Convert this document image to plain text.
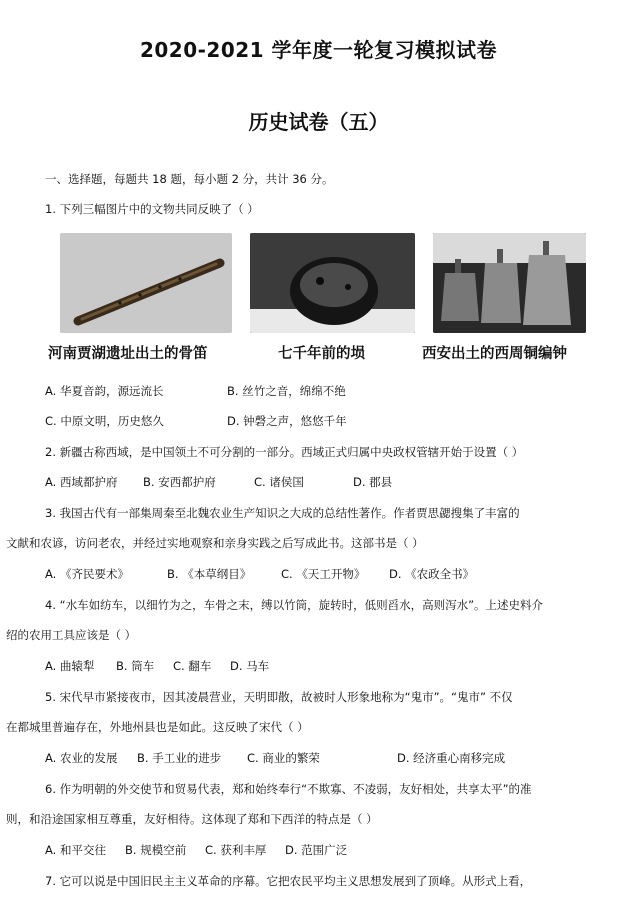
2020-2021 学年度一轮复习模拟试卷
历史试卷（五）
一、选择题，每题共 18 题，每小题 2 分，共计 36 分。
1. 下列三幅图片中的文物共同反映了（ ）
河南贾湖遗址出土的骨笛	七千年前的埙	西安出土的西周铜编钟
A. 华夏音韵，源远流长	B. 丝竹之音，绵绵不绝
C. 中原文明，历史悠久	D. 钟磬之声，悠悠千年
2. 新疆古称西域，是中国领土不可分割的一部分。西域正式归属中央政权管辖开始于设置（ ）
A. 西域都护府 B. 安西都护府	C. 诸侯国	D. 郡县
3. 我国古代有一部集周秦至北魏农业生产知识之大成的总结性著作。作者贾思勰搜集了丰富的
文献和农谚，访问老农，并经过实地观察和亲身实践之后写成此书。这部书是（ ）
A. 《齐民要术》	B. 《本草纲目》	C. 《天工开物》 D. 《农政全书》
4. “水车如纺车，以细竹为之，车骨之末，缚以竹筒，旋转时，低则舀水，高则泻水”。上述史料介
绍的农用工具应该是（ ）
A. 曲辕犁 B. 筒车 C. 翻车 D. 马车
5. 宋代早市紧接夜市，因其凌晨营业，天明即散，故被时人形象地称为“鬼市”。“鬼市” 不仅
在都城里普遍存在，外地州县也是如此。这反映了宋代（ ）
A. 农业的发展 B. 手工业的进步 C. 商业的繁荣	D. 经济重心南移完成
6. 作为明朝的外交使节和贸易代表，郑和始终奉行“不欺寡、不凌弱，友好相处，共享太平”的准
则，和沿途国家相互尊重，友好相待。这体现了郑和下西洋的特点是（ ）
A. 和平交往 B. 规模空前 C. 获利丰厚 D. 范围广泛
7. 它可以说是中国旧民主主义革命的序幕。它把农民平均主义思想发展到了顶峰。从形式上看，
